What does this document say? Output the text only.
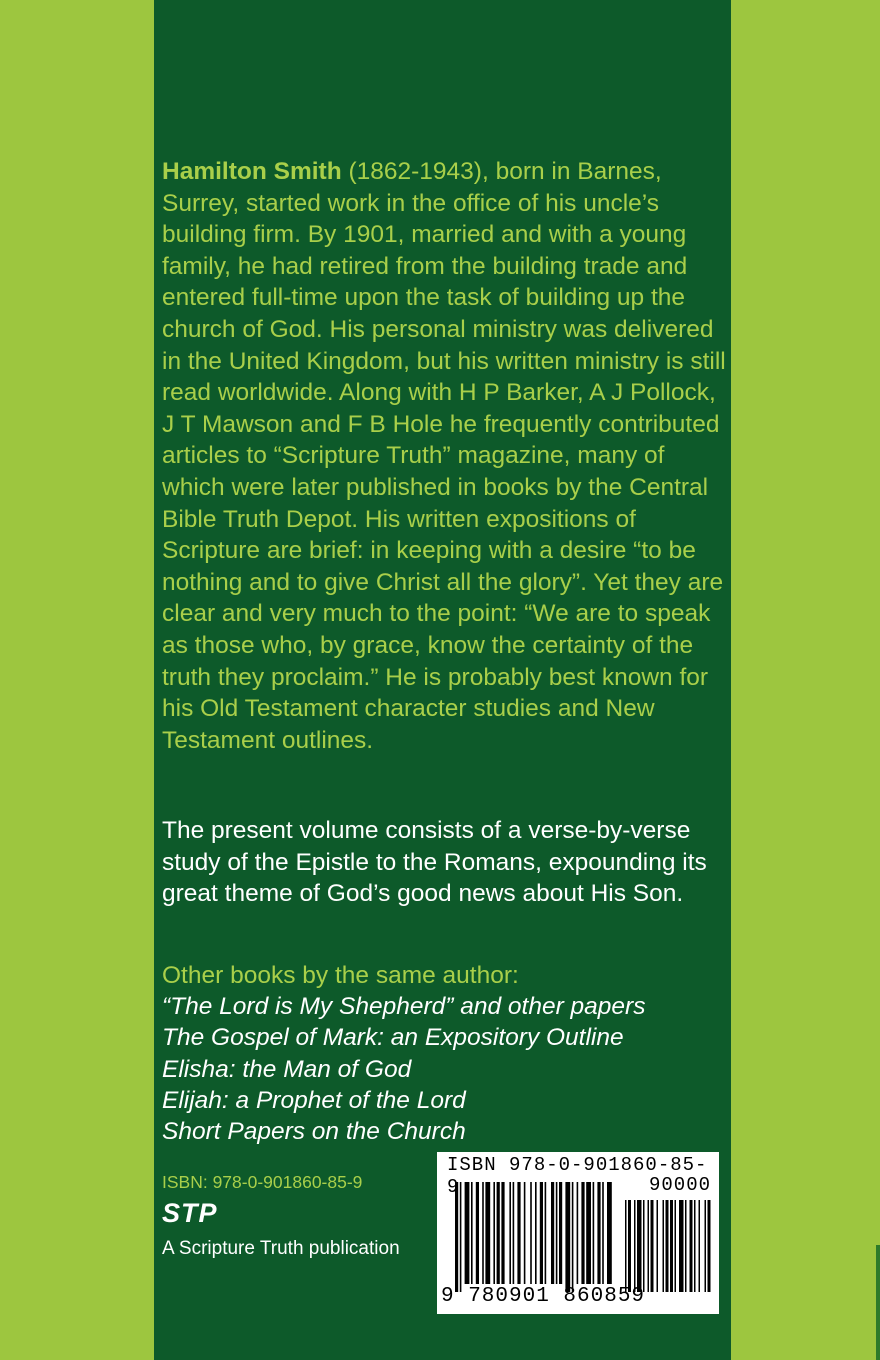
Hamilton Smith (1862-1943), born in Barnes, Surrey, started work in the office of his uncle’s building firm. By 1901, married and with a young family, he had retired from the building trade and entered full-time upon the task of building up the church of God. His personal ministry was delivered in the United Kingdom, but his written ministry is still read worldwide. Along with H P Barker, A J Pollock, J T Mawson and F B Hole he frequently contributed articles to “Scripture Truth” magazine, many of which were later published in books by the Central Bible Truth Depot. His written expositions of Scripture are brief: in keeping with a desire “to be nothing and to give Christ all the glory”. Yet they are clear and very much to the point: “We are to speak as those who, by grace, know the certainty of the truth they proclaim.” He is probably best known for his Old Testament character studies and New Testament outlines.

The present volume consists of a verse-by-verse study of the Epistle to the Romans, expounding its great theme of God’s good news about His Son.

Other books by the same author:
“The Lord is My Shepherd” and other papers
The Gospel of Mark: an Expository Outline
Elisha: the Man of God
Elijah: a Prophet of the Lord
Short Papers on the Church
ISBN: 978-0-901860-85-9
STP
A Scripture Truth publication
ISBN 978-0-901860-85-9	90000
9 780901 860859
